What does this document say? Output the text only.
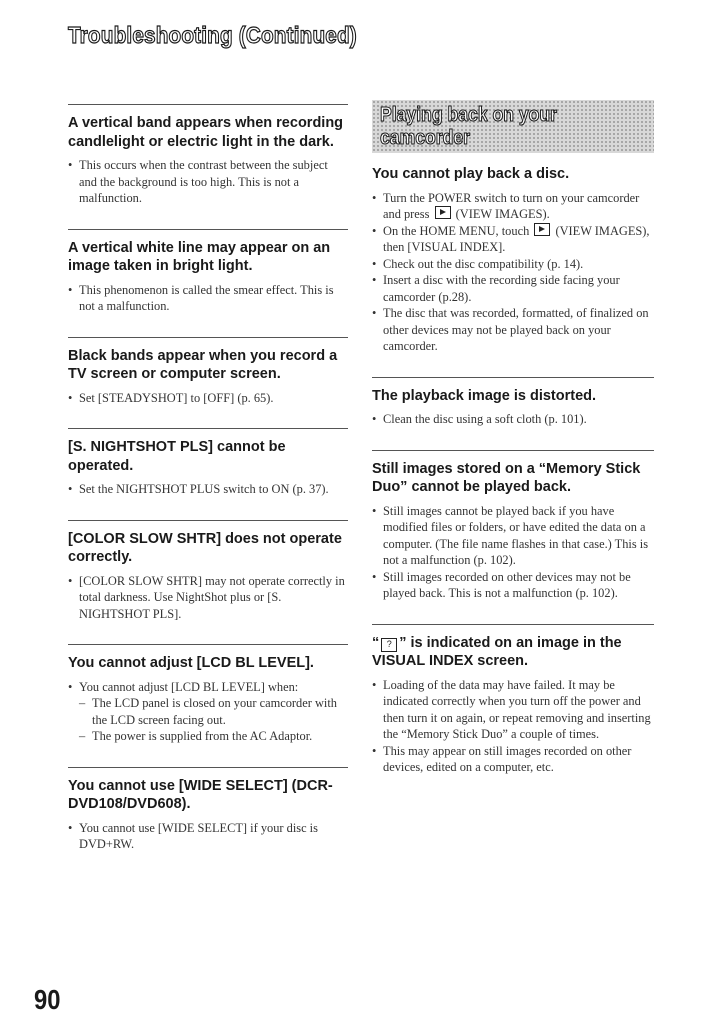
Troubleshooting (Continued)
A vertical band appears when recording candlelight or electric light in the dark.
• This occurs when the contrast between the subject and the background is too high. This is not a malfunction.
A vertical white line may appear on an image taken in bright light.
• This phenomenon is called the smear effect. This is not a malfunction.
Black bands appear when you record a TV screen or computer screen.
• Set [STEADYSHOT] to [OFF] (p. 65).
[S. NIGHTSHOT PLS] cannot be operated.
• Set the NIGHTSHOT PLUS switch to ON (p. 37).
[COLOR SLOW SHTR] does not operate correctly.
• [COLOR SLOW SHTR] may not operate correctly in total darkness. Use NightShot plus or [S. NIGHTSHOT PLS].
You cannot adjust [LCD BL LEVEL].
• You cannot adjust [LCD BL LEVEL] when:
– The LCD panel is closed on your camcorder with the LCD screen facing out.
– The power is supplied from the AC Adaptor.
You cannot use [WIDE SELECT] (DCR-DVD108/DVD608).
• You cannot use [WIDE SELECT] if your disc is DVD+RW.
Playing back on your camcorder
You cannot play back a disc.
• Turn the POWER switch to turn on your camcorder and press  (VIEW IMAGES).
• On the HOME MENU, touch  (VIEW IMAGES), then [VISUAL INDEX].
• Check out the disc compatibility (p. 14).
• Insert a disc with the recording side facing your camcorder (p.28).
• The disc that was recorded, formatted, of finalized on other devices may not be played back on your camcorder.
The playback image is distorted.
• Clean the disc using a soft cloth (p. 101).
Still images stored on a “Memory Stick Duo” cannot be played back.
• Still images cannot be played back if you have modified files or folders, or have edited the data on a computer. (The file name flashes in that case.) This is not a malfunction (p. 102).
• Still images recorded on other devices may not be played back. This is not a malfunction (p. 102).
“ ? ” is indicated on an image in the VISUAL INDEX screen.
• Loading of the data may have failed. It may be indicated correctly when you turn off the power and then turn it on again, or repeat removing and inserting the “Memory Stick Duo” a couple of times.
• This may appear on still images recorded on other devices, edited on a computer, etc.
90
